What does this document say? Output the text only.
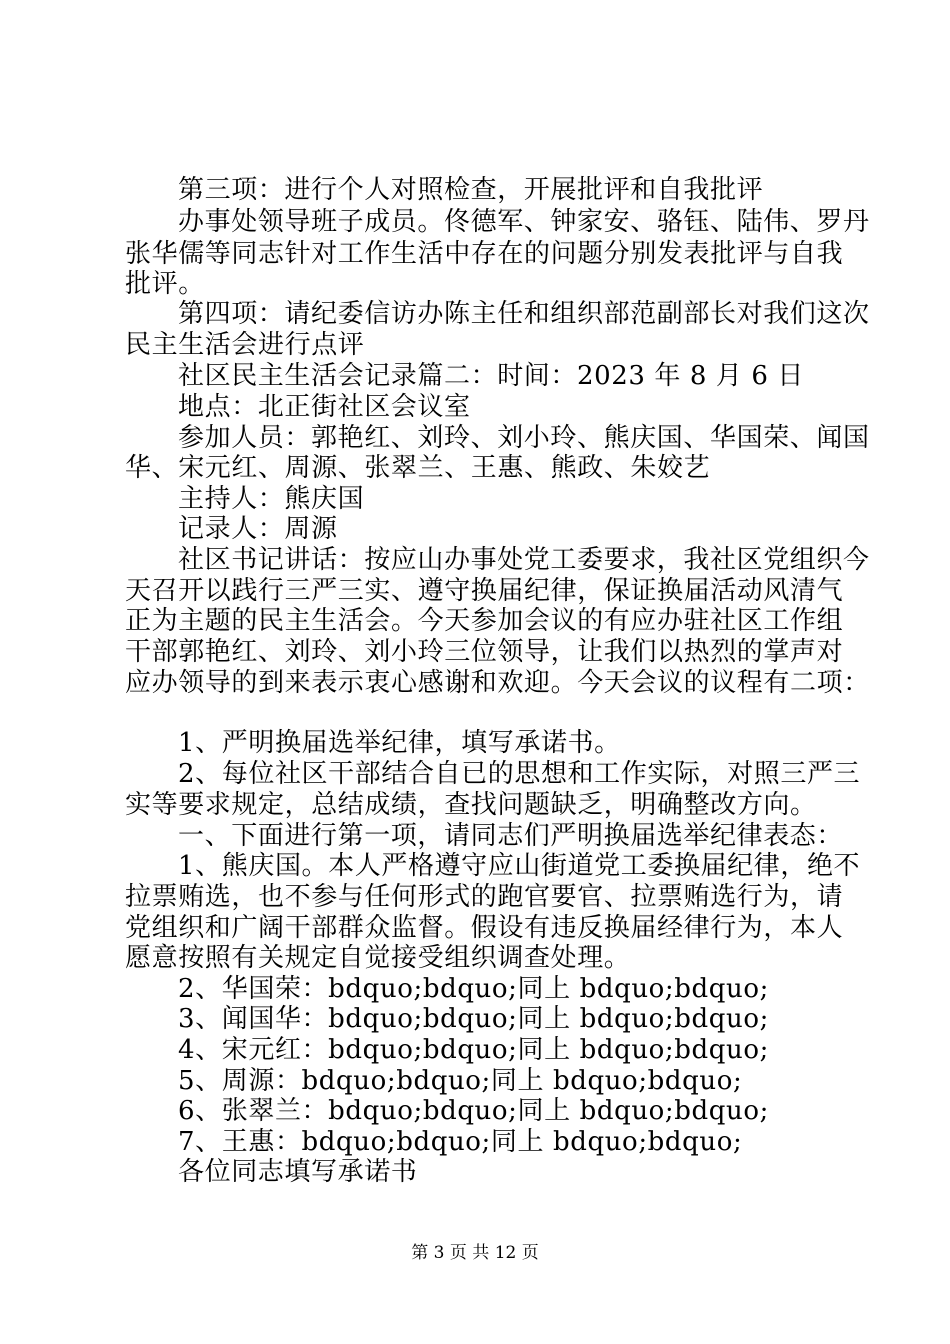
第三项：进行个人对照检查，开展批评和自我批评
办事处领导班子成员。佟德军、钟家安、骆钰、陆伟、罗丹
张华儒等同志针对工作生活中存在的问题分别发表批评与自我
批评。
第四项：请纪委信访办陈主任和组织部范副部长对我们这次
民主生活会进行点评
社区民主生活会记录篇二：时间：2023 年 8 月 6 日
地点：北正街社区会议室
参加人员：郭艳红、刘玲、刘小玲、熊庆国、华国荣、闻国
华、宋元红、周源、张翠兰、王惠、熊政、朱姣艺
主持人：熊庆国
记录人：周源
社区书记讲话：按应山办事处党工委要求，我社区党组织今
天召开以践行三严三实、遵守换届纪律，保证换届活动风清气
正为主题的民主生活会。今天参加会议的有应办驻社区工作组
干部郭艳红、刘玲、刘小玲三位领导，让我们以热烈的掌声对
应办领导的到来表示衷心感谢和欢迎。今天会议的议程有二项：
1、严明换届选举纪律，填写承诺书。
2、每位社区干部结合自已的思想和工作实际，对照三严三
实等要求规定，总结成绩，查找问题缺乏，明确整改方向。
一、下面进行第一项，请同志们严明换届选举纪律表态：
1、熊庆国。本人严格遵守应山街道党工委换届纪律，绝不
拉票贿选，也不参与任何形式的跑官要官、拉票贿选行为，请
党组织和广阔干部群众监督。假设有违反换届经律行为，本人
愿意按照有关规定自觉接受组织调查处理。
2、华国荣：bdquo;bdquo;同上 bdquo;bdquo;
3、闻国华：bdquo;bdquo;同上 bdquo;bdquo;
4、宋元红：bdquo;bdquo;同上 bdquo;bdquo;
5、周源：bdquo;bdquo;同上 bdquo;bdquo;
6、张翠兰：bdquo;bdquo;同上 bdquo;bdquo;
7、王惠：bdquo;bdquo;同上 bdquo;bdquo;
各位同志填写承诺书
第 3 页 共 12 页
